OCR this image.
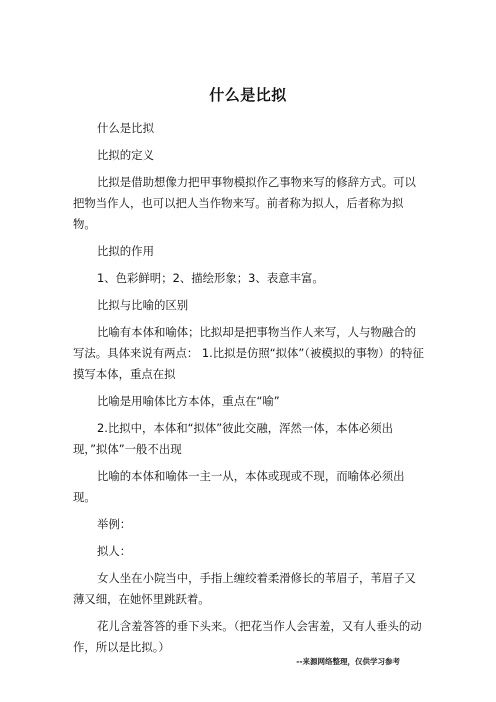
什么是比拟

什么是比拟

比拟的定义

比拟是借助想像力把甲事物模拟作乙事物来写的修辞方式。可以把物当作人，也可以把人当作物来写。前者称为拟人，后者称为拟物。

比拟的作用

1、色彩鲜明；2、描绘形象；3、表意丰富。

比拟与比喻的区别

比喻有本体和喻体；比拟却是把事物当作人来写，人与物融合的写法。具体来说有两点： 1.比拟是仿照“拟体”（被模拟的事物）的特征摸写本体，重点在拟

比喻是用喻体比方本体，重点在“喻”

2.比拟中，本体和“拟体”彼此交融，浑然一体，本体必须出现，”拟体”一般不出现

比喻的本体和喻体一主一从，本体或现或不现，而喻体必须出现。

举例：

拟人：

女人坐在小院当中，手指上缠绞着柔滑修长的苇眉子，苇眉子又薄又细，在她怀里跳跃着。

花儿含羞答答的垂下头来。（把花当作人会害羞，又有人垂头的动作，所以是比拟。）

--来源网络整理，仅供学习参考
